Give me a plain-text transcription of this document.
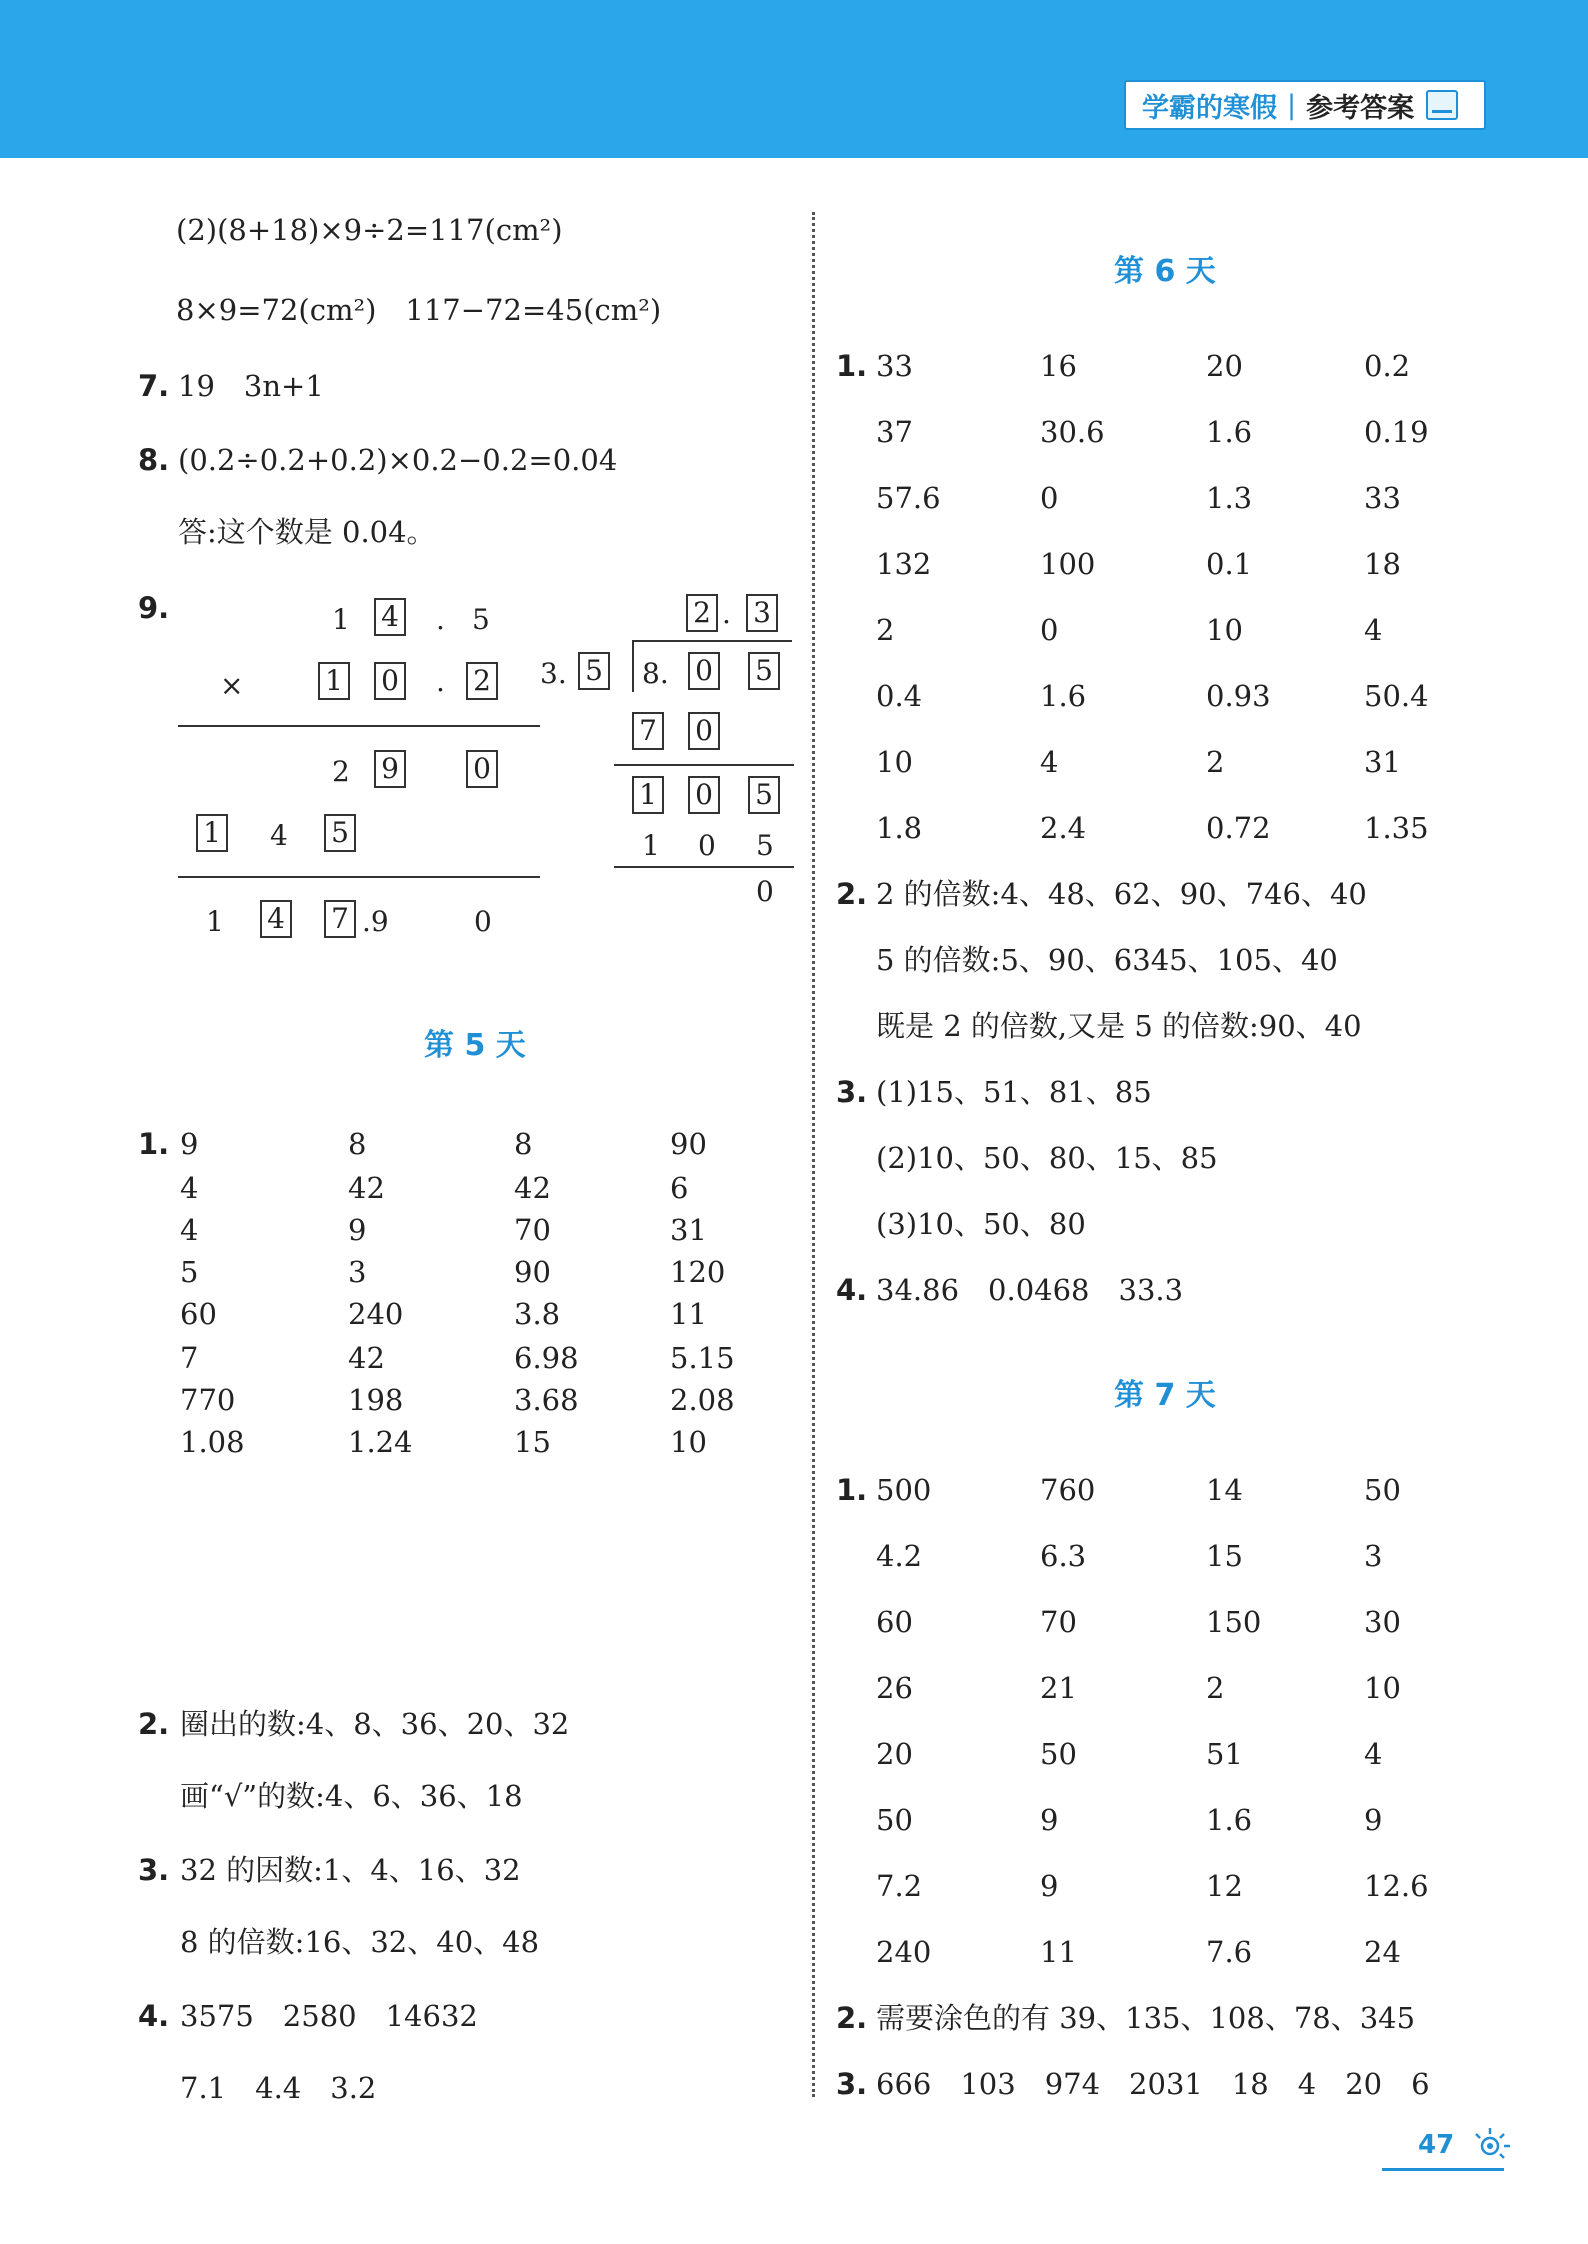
学霸的寒假 | 参考答案
(2)(8+18)×9÷2=117(cm²)
8×9=72(cm²)　117−72=45(cm²)
7. 19　3n+1
8. (0.2÷0.2+0.2)×0.2−0.2=0.04
答:这个数是 0.04。
9.	1 4 . 5
×	1 0 . 2
2 9	0
1 4 5
1 4 7 .9	0
2 3
.
3. 5 8. 0 5
7 0
1 0 5
1 0 5
0
第 5 天
1. 9	8	8	90
4	42	42	6
4	9	70	31
5	3	90	120
60	240	3.8	11
7	42	6.98	5.15
770	198	3.68	2.08
1.08	1.24	15	10
2. 圈出的数:4、8、36、20、32
画“√”的数:4、6、36、18
3. 32 的因数:1、4、16、32
8 的倍数:16、32、40、48
4. 3575　2580　14632
7.1　4.4　3.2
第 6 天
1. 33	16	20	0.2
37	30.6	1.6	0.19
57.6	0	1.3	33
132	100	0.1	18
2	0	10	4
0.4	1.6	0.93	50.4
10	4	2	31
1.8	2.4	0.72	1.35
2. 2 的倍数:4、48、62、90、746、40
5 的倍数:5、90、6345、105、40
既是 2 的倍数,又是 5 的倍数:90、40
3. (1)15、51、81、85
(2)10、50、80、15、85
(3)10、50、80
4. 34.86　0.0468　33.3
第 7 天
1. 500	760	14	50
4.2	6.3	15	3
60	70	150	30
26	21	2	10
20	50	51	4
50	9	1.6	9
7.2	9	12	12.6
240	11	7.6	24
2. 需要涂色的有 39、135、108、78、345
3. 666　103　974　2031　18　4　20　6
47
